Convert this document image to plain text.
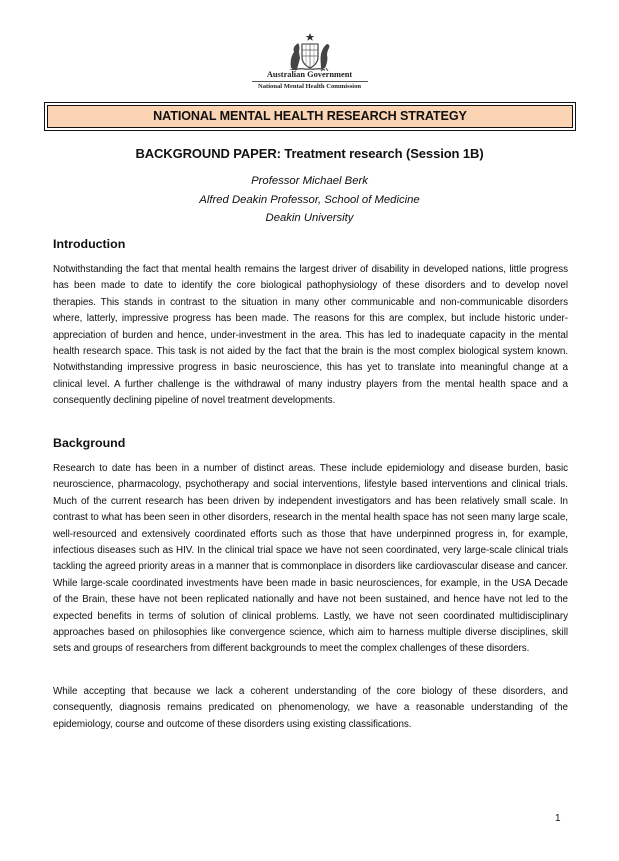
Australian Government
National Mental Health Commission
NATIONAL MENTAL HEALTH RESEARCH STRATEGY
BACKGROUND PAPER: Treatment research (Session 1B)
Professor Michael Berk
Alfred Deakin Professor, School of Medicine
Deakin University
Introduction

Notwithstanding the fact that mental health remains the largest driver of disability in developed nations, little progress has been made to date to identify the core biological pathophysiology of these disorders and to develop novel therapies. This stands in contrast to the situation in many other communicable and non-communicable disorders where, latterly, impressive progress has been made. The reasons for this are complex, but include historic under-appreciation of burden and hence, under-investment in the area. This has led to inadequate capacity in the mental health research space. This task is not aided by the fact that the brain is the most complex biological system known. Notwithstanding impressive progress in basic neuroscience, this has yet to translate into meaningful change at a clinical level. A further challenge is the withdrawal of many industry players from the mental health space and a consequently declining pipeline of novel treatment developments.

Background

Research to date has been in a number of distinct areas. These include epidemiology and disease burden, basic neuroscience, pharmacology, psychotherapy and social interventions, lifestyle based interventions and clinical trials. Much of the current research has been driven by independent investigators and has been relatively small scale. In contrast to what has been seen in other disorders, research in the mental health space has not seen many large scale, well-resourced and extensively coordinated efforts such as those that have underpinned progress in, for example, infectious diseases such as HIV. In the clinical trial space we have not seen coordinated, very large-scale clinical trials tackling the agreed priority areas in a manner that is commonplace in disorders like cardiovascular disease and cancer. While large-scale coordinated investments have been made in basic neurosciences, for example, in the USA Decade of the Brain, these have not been replicated nationally and have not been sustained, and hence have not led to the expected benefits in terms of solution of clinical problems. Lastly, we have not seen coordinated multidisciplinary approaches based on philosophies like convergence science, which aim to harness multiple diverse disciplines, skill sets and groups of researchers from different backgrounds to meet the complex challenges of these disorders.

While accepting that because we lack a coherent understanding of the core biology of these disorders, and consequently, diagnosis remains predicated on phenomenology, we have a reasonable understanding of the epidemiology, course and outcome of these disorders using existing classifications.

1
